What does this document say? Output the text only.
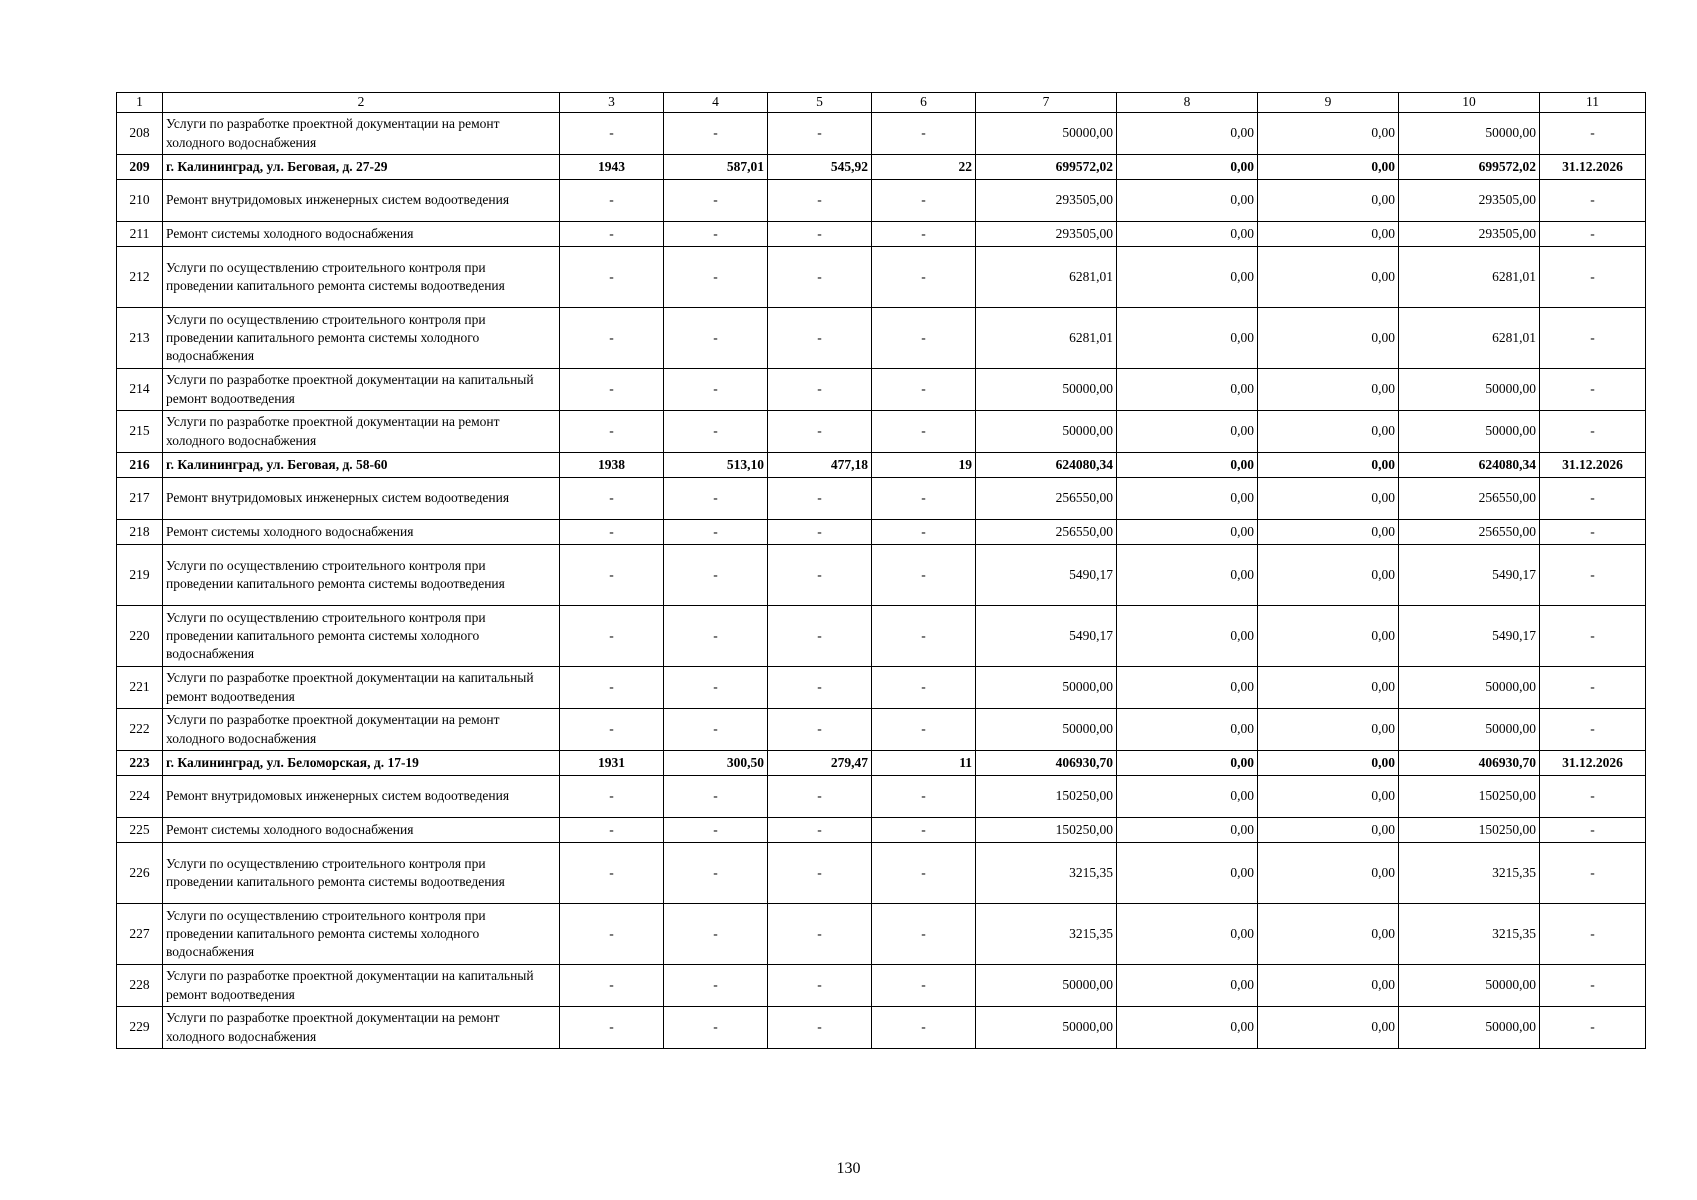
1	2	3	4	5	6	7	8	9	10	11
208	Услуги по разработке проектной документации на ремонт холодного водоснабжения	-	-	-	-	50000,00	0,00	0,00	50000,00	-
209	г. Калининград, ул. Беговая, д. 27-29	1943	587,01	545,92	22	699572,02	0,00	0,00	699572,02	31.12.2026
210	Ремонт внутридомовых инженерных систем водоотведения	-	-	-	-	293505,00	0,00	0,00	293505,00	-
211	Ремонт системы холодного водоснабжения	-	-	-	-	293505,00	0,00	0,00	293505,00	-
212	Услуги по осуществлению строительного контроля при проведении капитального ремонта системы водоотведения	-	-	-	-	6281,01	0,00	0,00	6281,01	-
213	Услуги по осуществлению строительного контроля при проведении капитального ремонта системы холодного водоснабжения	-	-	-	-	6281,01	0,00	0,00	6281,01	-
214	Услуги по разработке проектной документации на капитальный ремонт водоотведения	-	-	-	-	50000,00	0,00	0,00	50000,00	-
215	Услуги по разработке проектной документации на ремонт холодного водоснабжения	-	-	-	-	50000,00	0,00	0,00	50000,00	-
216	г. Калининград, ул. Беговая, д. 58-60	1938	513,10	477,18	19	624080,34	0,00	0,00	624080,34	31.12.2026
217	Ремонт внутридомовых инженерных систем водоотведения	-	-	-	-	256550,00	0,00	0,00	256550,00	-
218	Ремонт системы холодного водоснабжения	-	-	-	-	256550,00	0,00	0,00	256550,00	-
219	Услуги по осуществлению строительного контроля при проведении капитального ремонта системы водоотведения	-	-	-	-	5490,17	0,00	0,00	5490,17	-
220	Услуги по осуществлению строительного контроля при проведении капитального ремонта системы холодного водоснабжения	-	-	-	-	5490,17	0,00	0,00	5490,17	-
221	Услуги по разработке проектной документации на капитальный ремонт водоотведения	-	-	-	-	50000,00	0,00	0,00	50000,00	-
222	Услуги по разработке проектной документации на ремонт холодного водоснабжения	-	-	-	-	50000,00	0,00	0,00	50000,00	-
223	г. Калининград, ул. Беломорская, д. 17-19	1931	300,50	279,47	11	406930,70	0,00	0,00	406930,70	31.12.2026
224	Ремонт внутридомовых инженерных систем водоотведения	-	-	-	-	150250,00	0,00	0,00	150250,00	-
225	Ремонт системы холодного водоснабжения	-	-	-	-	150250,00	0,00	0,00	150250,00	-
226	Услуги по осуществлению строительного контроля при проведении капитального ремонта системы водоотведения	-	-	-	-	3215,35	0,00	0,00	3215,35	-
227	Услуги по осуществлению строительного контроля при проведении капитального ремонта системы холодного водоснабжения	-	-	-	-	3215,35	0,00	0,00	3215,35	-
228	Услуги по разработке проектной документации на капитальный ремонт водоотведения	-	-	-	-	50000,00	0,00	0,00	50000,00	-
229	Услуги по разработке проектной документации на ремонт холодного водоснабжения	-	-	-	-	50000,00	0,00	0,00	50000,00	-
130
